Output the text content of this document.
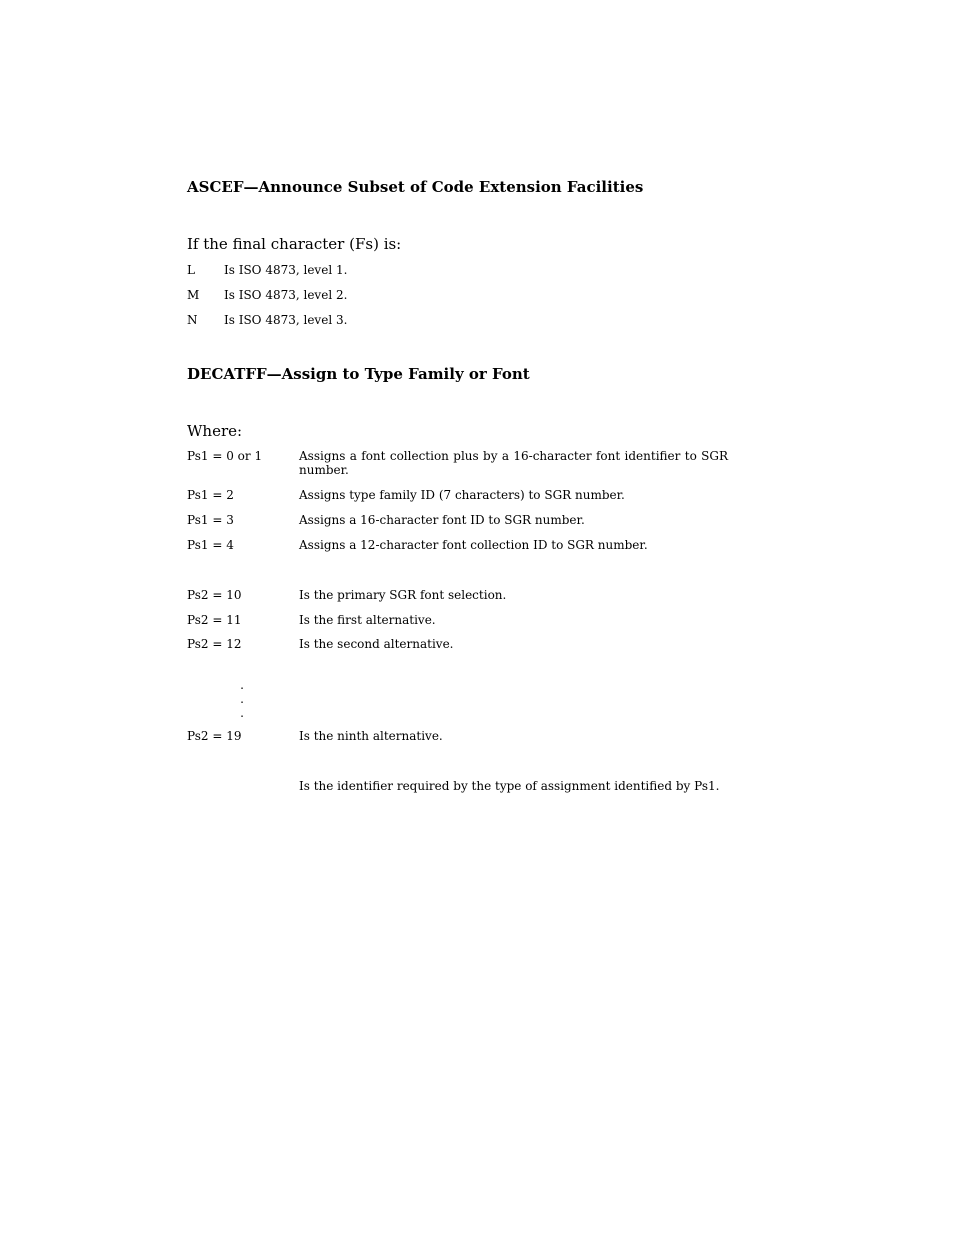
ASCEF—Announce Subset of Code Extension Facilities
If the final character (Fs) is:
L Is ISO 4873, level 1.
M Is ISO 4873, level 2.
N Is ISO 4873, level 3.
DECATFF—Assign to Type Family or Font
Where:
Ps1 = 0 or 1	Assigns a font collection plus by a 16-character font identifier to SGR number.
Ps1 = 2	Assigns type family ID (7 characters) to SGR number.
Ps1 = 3	Assigns a 16-character font ID to SGR number.
Ps1 = 4	Assigns a 12-character font collection ID to SGR number.
Ps2 = 10	Is the primary SGR font selection.
Ps2 = 11	Is the first alternative.
Ps2 = 12	Is the second alternative.
.
.
.
Ps2 = 19	Is the ninth alternative.
Is the identifier required by the type of assignment identified by Ps1.
